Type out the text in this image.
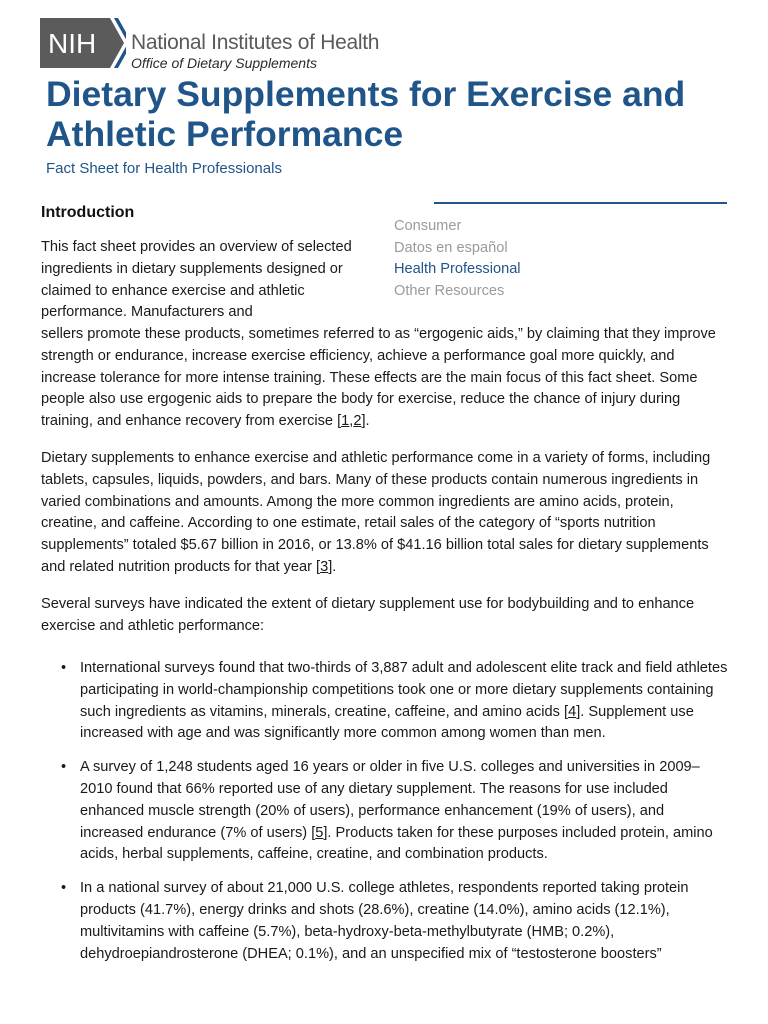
NIH National Institutes of Health
Office of Dietary Supplements
Dietary Supplements for Exercise and Athletic Performance
Fact Sheet for Health Professionals
Introduction
Consumer
Datos en español
Health Professional
Other Resources

This fact sheet provides an overview of selected ingredients in dietary supplements designed or claimed to enhance exercise and athletic performance. Manufacturers and

sellers promote these products, sometimes referred to as “ergogenic aids,” by claiming that they improve strength or endurance, increase exercise efficiency, achieve a performance goal more quickly, and increase tolerance for more intense training. These effects are the main focus of this fact sheet. Some people also use ergogenic aids to prepare the body for exercise, reduce the chance of injury during training, and enhance recovery from exercise [1,2].

Dietary supplements to enhance exercise and athletic performance come in a variety of forms, including tablets, capsules, liquids, powders, and bars. Many of these products contain numerous ingredients in varied combinations and amounts. Among the more common ingredients are amino acids, protein, creatine, and caffeine. According to one estimate, retail sales of the category of “sports nutrition supplements” totaled $5.67 billion in 2016, or 13.8% of $41.16 billion total sales for dietary supplements and related nutrition products for that year [3].

Several surveys have indicated the extent of dietary supplement use for bodybuilding and to enhance exercise and athletic performance:

• International surveys found that two-thirds of 3,887 adult and adolescent elite track and field athletes participating in world-championship competitions took one or more dietary supplements containing such ingredients as vitamins, minerals, creatine, caffeine, and amino acids [4]. Supplement use increased with age and was significantly more common among women than men.
• A survey of 1,248 students aged 16 years or older in five U.S. colleges and universities in 2009–2010 found that 66% reported use of any dietary supplement. The reasons for use included enhanced muscle strength (20% of users), performance enhancement (19% of users), and increased endurance (7% of users) [5]. Products taken for these purposes included protein, amino acids, herbal supplements, caffeine, creatine, and combination products.
• In a national survey of about 21,000 U.S. college athletes, respondents reported taking protein products (41.7%), energy drinks and shots (28.6%), creatine (14.0%), amino acids (12.1%), multivitamins with caffeine (5.7%), beta-hydroxy-beta-methylbutyrate (HMB; 0.2%), dehydroepiandrosterone (DHEA; 0.1%), and an unspecified mix of “testosterone boosters”
